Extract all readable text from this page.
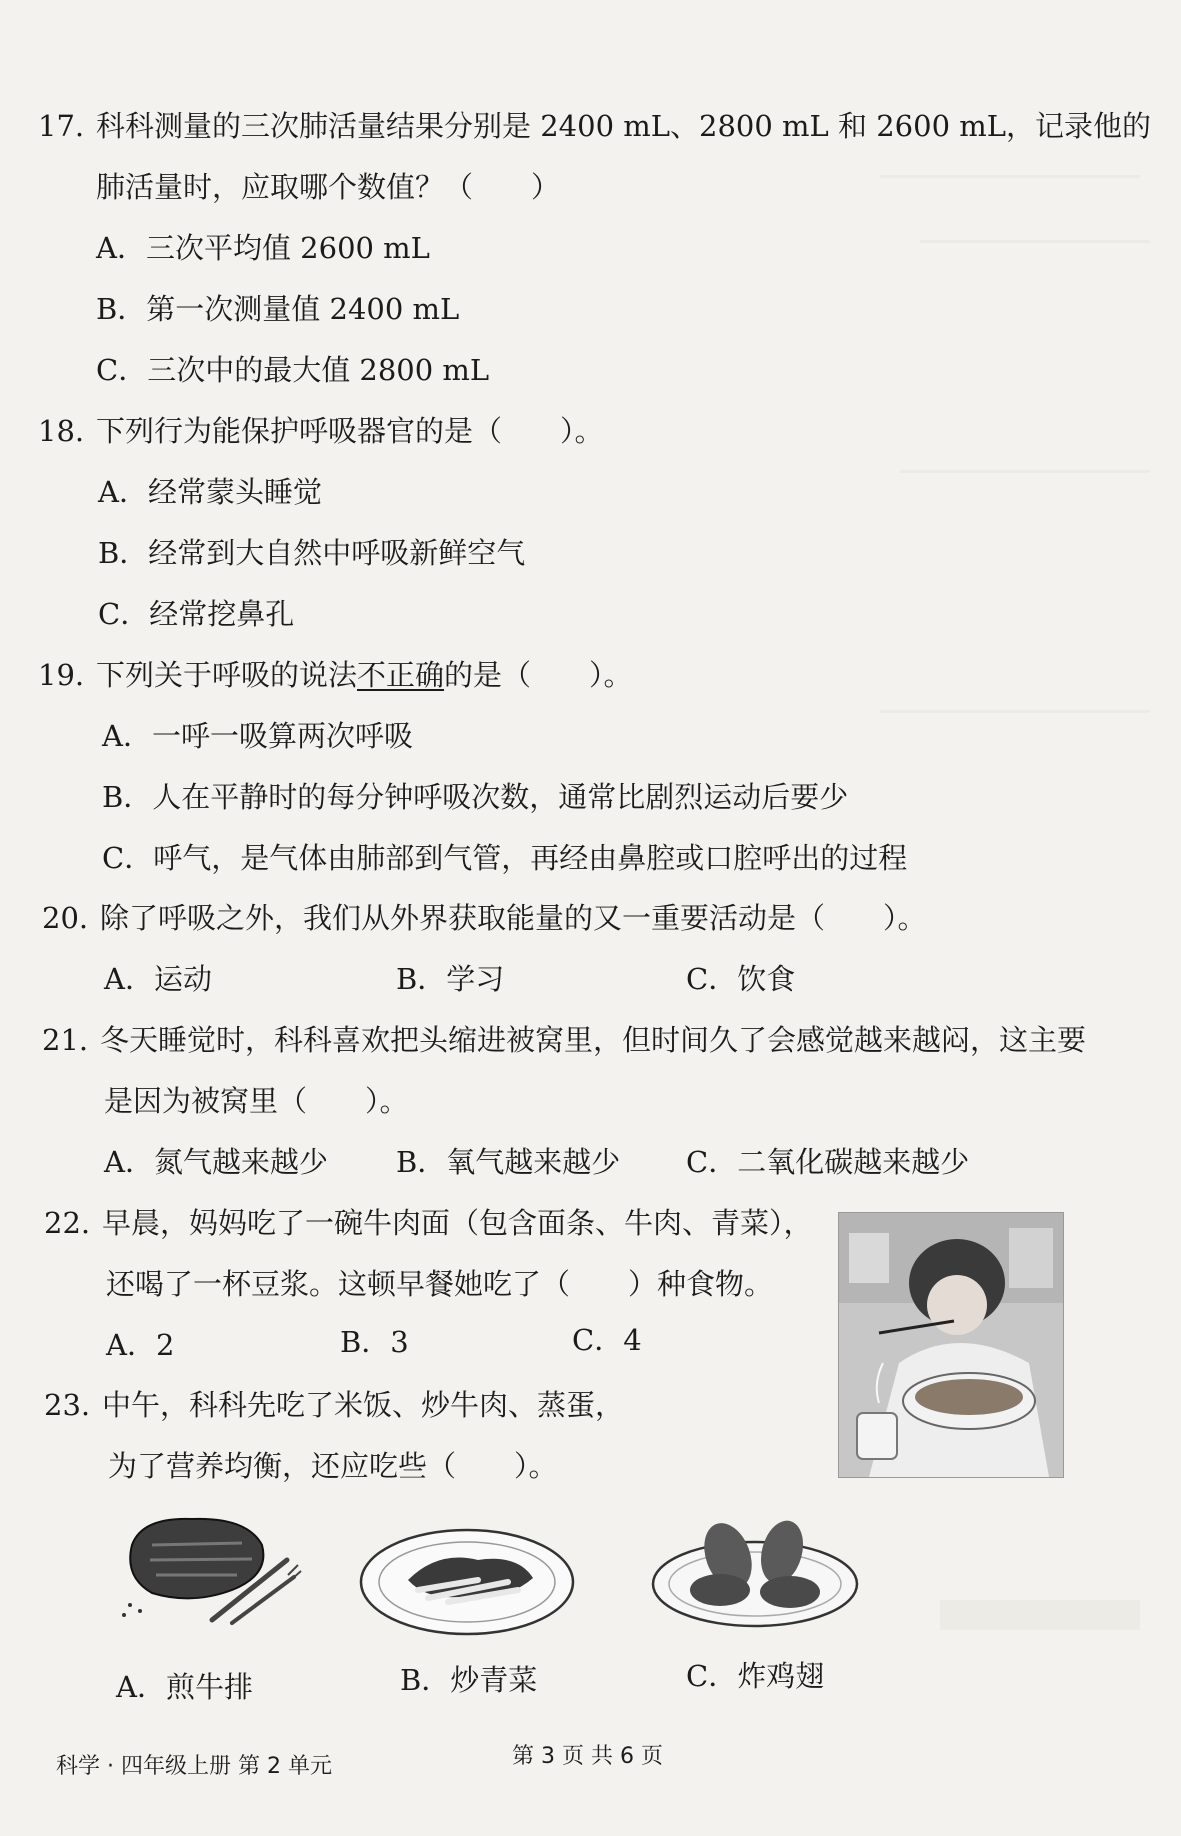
17. 科科测量的三次肺活量结果分别是 2400 mL、2800 mL 和 2600 mL，记录他的
肺活量时，应取哪个数值？（　　）
A．三次平均值 2600 mL
B．第一次测量值 2400 mL
C．三次中的最大值 2800 mL
18. 下列行为能保护呼吸器官的是（　　）。
A．经常蒙头睡觉
B．经常到大自然中呼吸新鲜空气
C．经常挖鼻孔
19. 下列关于呼吸的说法不正确的是（　　）。
A．一呼一吸算两次呼吸
B．人在平静时的每分钟呼吸次数，通常比剧烈运动后要少
C．呼气，是气体由肺部到气管，再经由鼻腔或口腔呼出的过程
20. 除了呼吸之外，我们从外界获取能量的又一重要活动是（　　）。
A．运动	B．学习	C．饮食
21. 冬天睡觉时，科科喜欢把头缩进被窝里，但时间久了会感觉越来越闷，这主要
是因为被窝里（　　）。
A．氮气越来越少 B．氧气越来越少 C．二氧化碳越来越少
22. 早晨，妈妈吃了一碗牛肉面（包含面条、牛肉、青菜），
还喝了一杯豆浆。这顿早餐她吃了（　　）种食物。
A．2	B．3	C．4
23. 中午，科科先吃了米饭、炒牛肉、蒸蛋，
为了营养均衡，还应吃些（　　）。
A．煎牛排	B．炒青菜	C．炸鸡翅
科学 · 四年级上册 第 2 单元	第 3 页 共 6 页
